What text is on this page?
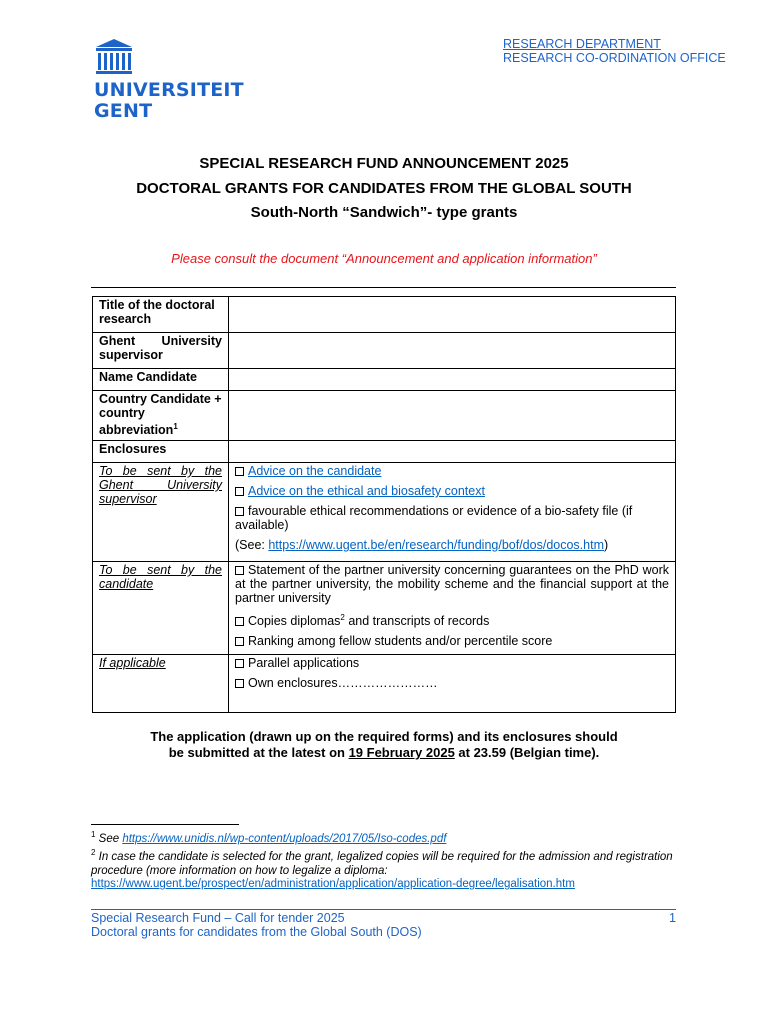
UNIVERSITEIT
GENT
RESEARCH DEPARTMENT
RESEARCH CO-ORDINATION OFFICE
SPECIAL RESEARCH FUND ANNOUNCEMENT 2025
DOCTORAL GRANTS FOR CANDIDATES FROM THE GLOBAL SOUTH
South-North “Sandwich”- type grants
Please consult the document “Announcement and application information”
Title of the doctoral research	
Ghent University supervisor	
Name Candidate	
Country Candidate + country abbreviation$^1$	
Enclosures	
To be sent by the Ghent University supervisor	Advice on the candidate
Advice on the ethical and biosafety context
favourable ethical recommendations or evidence of a bio-safety file (if available)
(See: https://www.ugent.be/en/research/funding/bof/dos/docos.htm)

To be sent by the candidate	Statement of the partner university concerning guarantees on the PhD work at the partner university, the mobility scheme and the financial support at the partner university
Copies diplomas$^2$ and transcripts of records
Ranking among fellow students and/or percentile score

If applicable	Parallel applications
Own enclosures……………………
The application (drawn up on the required forms) and its enclosures should
be submitted at the latest on 19 February 2025 at 23.59 (Belgian time).
$^1$ See https://www.unidis.nl/wp-content/uploads/2017/05/Iso-codes.pdf
$^2$ In case the candidate is selected for the grant, legalized copies will be required for the admission and registration procedure (more information on how to legalize a diploma:
https://www.ugent.be/prospect/en/administration/application/application-degree/legalisation.htm
Special Research Fund – Call for tender 2025
Doctoral grants for candidates from the Global South (DOS)
1
